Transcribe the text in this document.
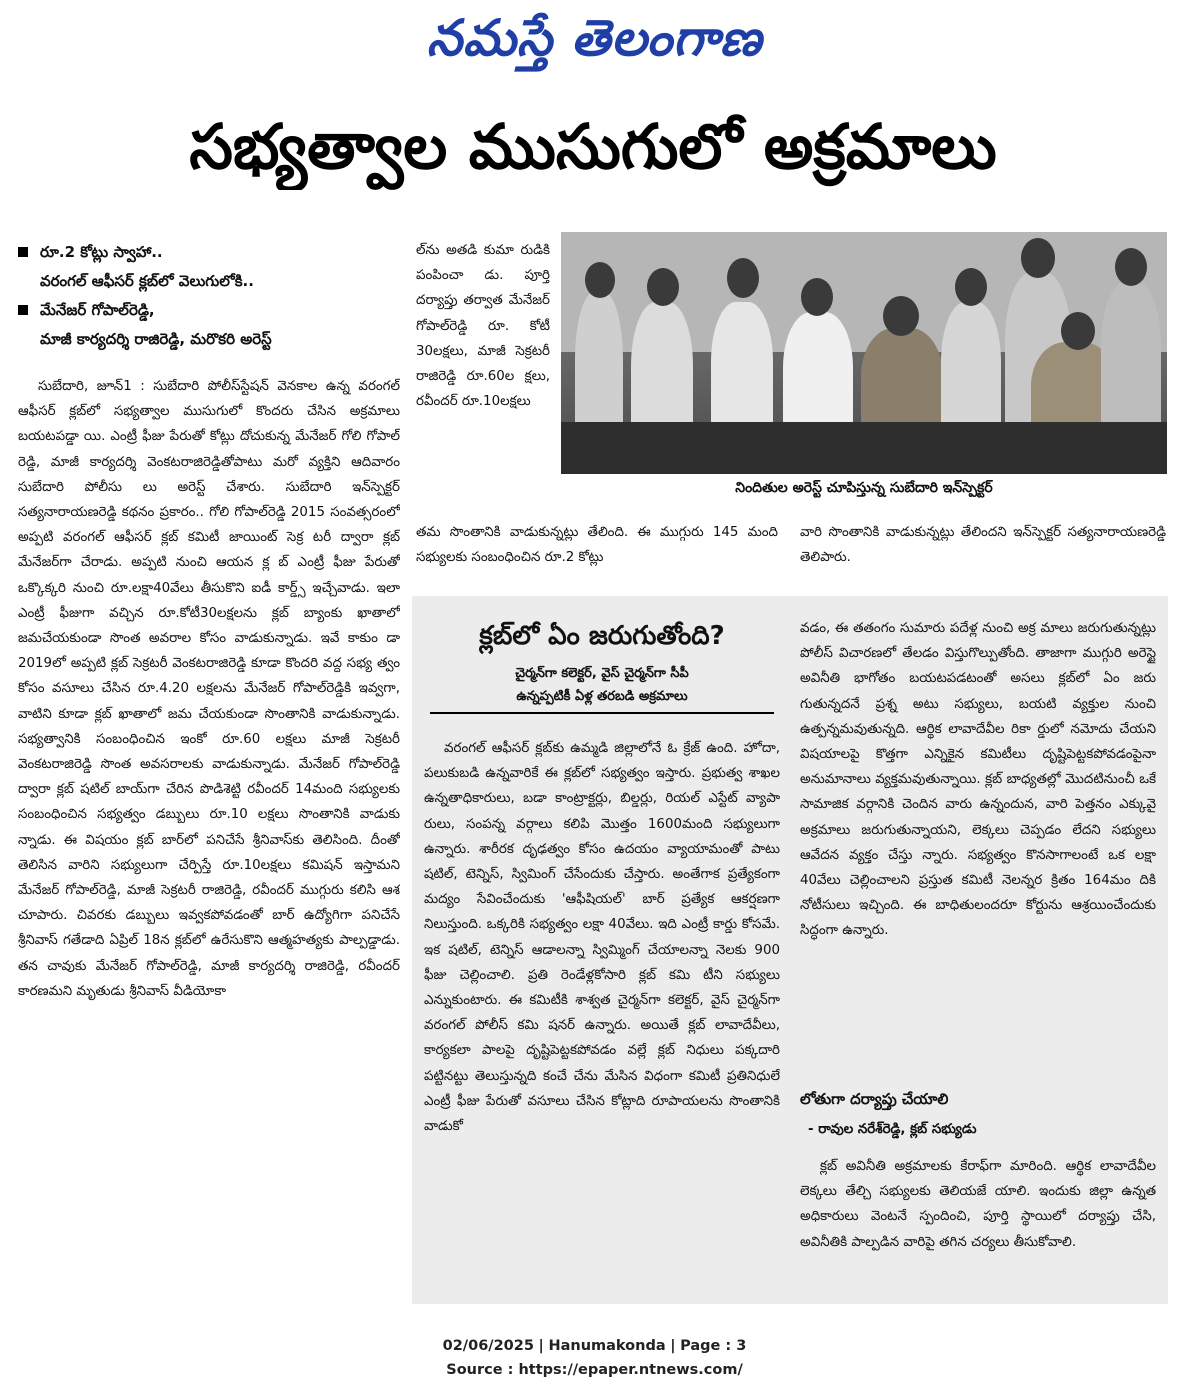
నమస్తే తెలంగాణ
సభ్యత్వాల ముసుగులో అక్రమాలు
రూ.2 కోట్లు స్వాహా..
వరంగల్ ఆఫీసర్ క్లబ్‌లో వెలుగులోకి..
మేనేజర్ గోపాల్‌రెడ్డి,
మాజీ కార్యదర్శి రాజిరెడ్డి, మరొకరి అరెస్ట్

సుబేదారి, జూన్1 : సుబేదారి పోలీస్‌స్టేషన్ వెనకాల ఉన్న వరంగల్ ఆఫీసర్ క్లబ్‌లో సభ్యత్వాల ముసుగులో కొందరు చేసిన అక్రమాలు బయటపడ్డా యి. ఎంట్రీ ఫీజు పేరుతో కోట్లు దోచుకున్న మేనేజర్ గోలి గోపాల్ రెడ్డి, మాజీ కార్యదర్శి వెంకటరాజిరెడ్డితోపాటు మరో వ్యక్తిని ఆదివారం సుబేదారి పోలీసు లు అరెస్ట్ చేశారు. సుబేదారి ఇన్‌స్పెక్టర్ సత్యనారాయణరెడ్డి కథనం ప్రకారం.. గోలి గోపాల్‌రెడ్డి 2015 సంవత్సరంలో అప్పటి వరంగల్ ఆఫీసర్ క్లబ్ కమిటీ జాయింట్ సెక్ర టరీ ద్వారా క్లబ్ మేనేజర్‌గా చేరాడు. అప్పటి నుంచి ఆయన క్ల బ్ ఎంట్రీ ఫీజు పేరుతో ఒక్కొక్కరి నుంచి రూ.లక్షా40వేలు తీసుకొని ఐడీ కార్డ్స్ ఇచ్చేవాడు. ఇలా ఎంట్రీ ఫీజుగా వచ్చిన రూ.కోటీ30లక్షలను క్లబ్ బ్యాంకు ఖాతాలో జమచేయకుండా సొంత అవరాల కోసం వాడుకున్నాడు. ఇవే కాకుం డా 2019లో అప్పటి క్లబ్ సెక్రటరీ వెంకటరాజిరెడ్డి కూడా కొందరి వద్ద సభ్య త్వం కోసం వసూలు చేసిన రూ.4.20 లక్షలను మేనేజర్ గోపాల్‌రెడ్డికి ఇవ్వగా, వాటిని కూడా క్లబ్ ఖాతాలో జమ చేయకుండా సొంతానికి వాడుకున్నాడు. సభ్యత్వానికి సంబంధించిన ఇంకో రూ.60 లక్షలు మాజీ సెక్రటరీ వెంకటరాజిరెడ్డి సొంత అవసరాలకు వాడుకున్నాడు. మేనేజర్ గోపాల్‌రెడ్డి ద్వారా క్లబ్ షటిల్ బాయ్‌గా చేరిన పొడిశెట్టి రవీందర్ 14మంది సభ్యులకు సంబంధించిన సభ్యత్వం డబ్బులు రూ.10 లక్షలు సొంతానికి వాడుకు న్నాడు. ఈ విషయం క్లబ్ బార్‌లో పనిచేసే శ్రీనివాస్‌కు తెలిసింది. దీంతో తెలిసిన వారిని సభ్యులుగా చేర్పిస్తే రూ.10లక్షలు కమిషన్ ఇస్తామని మేనేజర్ గోపాల్‌రెడ్డి, మాజీ సెక్రటరీ రాజిరెడ్డి, రవీందర్ ముగ్గురు కలిసి ఆశ చూపారు. చివరకు డబ్బులు ఇవ్వకపోవడంతో బార్ ఉద్యోగిగా పనిచేసే శ్రీనివాస్ గతేడాది ఏప్రిల్ 18న క్లబ్‌లో ఉరేసుకొని ఆత్మహత్యకు పాల్పడ్డాడు. తన చావుకు మేనేజర్ గోపాల్‌రెడ్డి, మాజీ కార్యదర్శి రాజిరెడ్డి, రవీందర్ కారణమని మృతుడు శ్రీనివాస్ వీడియోకా

ల్‌ను అతడి కుమా రుడికి పంపించా డు. పూర్తి దర్యాప్తు తర్వాత మేనేజర్ గోపాల్‌రెడ్డి రూ. కోటీ 30లక్షలు, మాజీ సెక్రటరీ రాజిరెడ్డి రూ.60ల క్షలు, రవీందర్ రూ.10లక్షలు

నిందితుల అరెస్ట్ చూపిస్తున్న సుబేదారి ఇన్‌స్పెక్టర్

తమ సొంతానికి వాడుకున్నట్లు తేలింది. ఈ ముగ్గురు 145 మంది సభ్యులకు సంబంధించిన రూ.2 కోట్లు

వారి సొంతానికి వాడుకున్నట్లు తేలిందని ఇన్‌స్పెక్టర్ సత్యనారాయణరెడ్డి తెలిపారు.

క్లబ్‌లో ఏం జరుగుతోంది?
చైర్మన్‌గా కలెక్టర్, వైస్ చైర్మన్‌గా సీపీ
ఉన్నప్పటికీ ఏళ్ల తరబడి అక్రమాలు

వరంగల్ ఆఫీసర్ క్లబ్‌కు ఉమ్మడి జిల్లాలోనే ఓ క్రేజ్ ఉంది. హోదా, పలుకుబడి ఉన్నవారికే ఈ క్లబ్‌లో సభ్యత్వం ఇస్తారు. ప్రభుత్వ శాఖల ఉన్నతాధికారులు, బడా కాంట్రాక్టర్లు, బిల్డర్లు, రియల్ ఎస్టేట్ వ్యాపా రులు, సంపన్న వర్గాలు కలిపి మొత్తం 1600మంది సభ్యులుగా ఉన్నారు. శారీరక దృఢత్వం కోసం ఉదయం వ్యాయామంతో పాటు షటిల్, టెన్నిస్, స్విమింగ్ చేసేందుకు చేస్తారు. అంతేగాక ప్రత్యేకంగా మద్యం సేవించేందుకు 'ఆఫీషియల్' బార్ ప్రత్యేక ఆకర్షణగా నిలుస్తుంది. ఒక్కరికి సభ్యత్వం లక్షా 40వేలు. ఇది ఎంట్రీ కార్డు కోసమే. ఇక షటిల్, టెన్నిస్ ఆడాలన్నా స్విమ్మింగ్ చేయాలన్నా నెలకు 900 ఫీజు చెల్లించాలి. ప్రతి రెండేళ్లకోసారి క్లబ్ కమి టీని సభ్యులు ఎన్నుకుంటారు. ఈ కమిటీకి శాశ్వత చైర్మన్‌గా కలెక్టర్, వైస్ చైర్మన్‌గా వరంగల్ పోలీస్ కమి షనర్ ఉన్నారు. అయితే క్లబ్ లావాదేవీలు, కార్యకలా పాలపై దృష్టిపెట్టకపోవడం వల్లే క్లబ్ నిధులు పక్కదారి పట్టినట్టు తెలుస్తున్నది కంచే చేను మేసిన విధంగా కమిటీ ప్రతినిధులే ఎంట్రీ ఫీజు పేరుతో వసూలు చేసిన కోట్లాది రూపాయలను సొంతానికి వాడుకో

వడం, ఈ తతంగం సుమారు పదేళ్ల నుంచి అక్ర మాలు జరుగుతున్నట్లు పోలీస్ విచారణలో తేలడం విస్తుగొల్పుతోంది. తాజాగా ముగ్గురి అరెస్టై అవినీతి భాగోతం బయటపడటంతో అసలు క్లబ్‌లో ఏం జరు గుతున్నదనే ప్రశ్న అటు సభ్యులు, బయటి వ్యక్తుల నుంచి ఉత్పన్నమవుతున్నది. ఆర్థిక లావాదేవీల రికా ర్డులో నమోదు చేయని విషయాలపై కొత్తగా ఎన్నికైన కమిటీలు దృష్టిపెట్టకపోవడంపైనా అనుమానాలు వ్యక్తమవుతున్నాయి. క్లబ్ బాధ్యతల్లో మొదటినుంచీ ఒకే సామాజిక వర్గానికి చెందిన వారు ఉన్నందున, వారి పెత్తనం ఎక్కువై అక్రమాలు జరుగుతున్నాయని, లెక్కలు చెప్పడం లేదని సభ్యులు ఆవేదన వ్యక్తం చేస్తు న్నారు. సభ్యత్వం కొనసాగాలంటే ఒక లక్షా 40వేలు చెల్లించాలని ప్రస్తుత కమిటీ నెలన్నర క్రితం 164మం దికి నోటీసులు ఇచ్చింది. ఈ బాధితులందరూ కోర్టును ఆశ్రయించేందుకు సిద్ధంగా ఉన్నారు.

లోతుగా దర్యాప్తు చేయాలి
- రావుల నరేశ్‌రెడ్డి, క్లబ్ సభ్యుడు

క్లబ్ అవినీతి అక్రమాలకు కేరాఫ్‌గా మారింది. ఆర్థిక లావాదేవీల లెక్కలు తేల్చి సభ్యులకు తెలియజే యాలి. ఇందుకు జిల్లా ఉన్నత అధికారులు వెంటనే స్పందించి, పూర్తి స్థాయిలో దర్యాప్తు చేసి, అవినీతికి పాల్పడిన వారిపై తగిన చర్యలు తీసుకోవాలి.

02/06/2025 | Hanumakonda | Page : 3
Source : https://epaper.ntnews.com/
